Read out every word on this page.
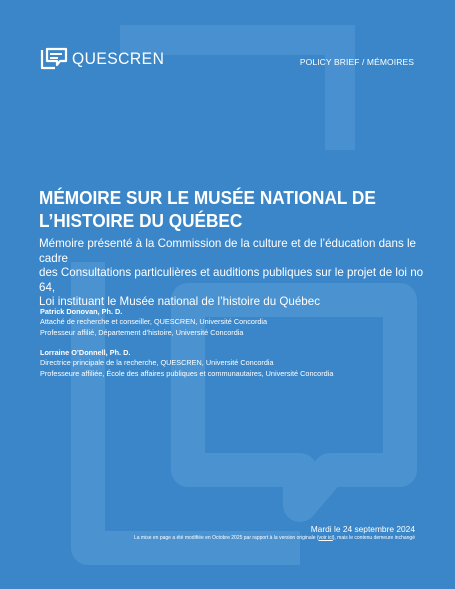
QUESCREN	POLICY BRIEF / MÉMOIRES
MÉMOIRE SUR LE MUSÉE NATIONAL DE
L’HISTOIRE DU QUÉBEC
Mémoire présenté à la Commission de la culture et de l’éducation dans le cadre
des Consultations particulières et auditions publiques sur le projet de loi no 64,
Loi instituant le Musée national de l’histoire du Québec
Patrick Donovan, Ph. D.
Attaché de recherche et conseiller, QUESCREN, Université Concordia
Professeur affilié, Département d’histoire, Université Concordia
Lorraine O’Donnell, Ph. D.
Directrice principale de la recherche, QUESCREN, Université Concordia
Professeure affiliée, École des affaires publiques et communautaires, Université Concordia
Mardi le 24 septembre 2024
La mise en page a été modifiée en Octobre 2025 par rapport à la version originale (voir ici), mais le contenu demeure inchangé
